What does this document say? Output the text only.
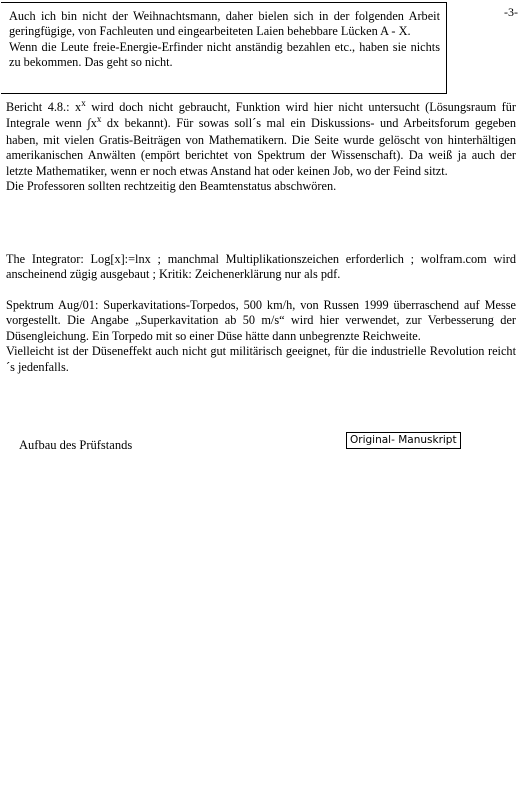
-3-

Auch ich bin nicht der Weihnachtsmann, daher bielen sich in der folgenden Arbeit geringfügige, von Fachleuten und eingearbeiteten Laien behebbare Lücken A - X.

Wenn die Leute freie-Energie-Erfinder nicht anständig bezahlen etc., haben sie nichts zu bekommen. Das geht so nicht.

Bericht 4.8.: $x^x$ wird doch nicht gebraucht, Funktion wird hier nicht untersucht (Lösungsraum für Integrale wenn $\int x^x$ dx bekannt). Für sowas soll´s mal ein Diskussions- und Arbeitsforum gegeben haben, mit vielen Gratis-Beiträgen von Mathematikern. Die Seite wurde gelöscht von hinterhältigen amerikanischen Anwälten (empört berichtet von Spektrum der Wissenschaft). Da weiß ja auch der letzte Mathematiker, wenn er noch etwas Anstand hat oder keinen Job, wo der Feind sitzt.

Die Professoren sollten rechtzeitig den Beamtenstatus abschwören.

The Integrator: Log[x]:=lnx ; manchmal Multiplikationszeichen erforderlich ; wolfram.com wird anscheinend zügig ausgebaut ; Kritik: Zeichenerklärung nur als pdf.

Spektrum Aug/01: Superkavitations-Torpedos, 500 km/h, von Russen 1999 überraschend auf Messe vorgestellt. Die Angabe „Superkavitation ab 50 m/s“ wird hier verwendet, zur Verbesserung der Düsengleichung. Ein Torpedo mit so einer Düse hätte dann unbegrenzte Reichweite.

Vielleicht ist der Düseneffekt auch nicht gut militärisch geeignet, für die industrielle Revolution reicht´s jedenfalls.

Aufbau des Prüfstands	Original- Manuskript
